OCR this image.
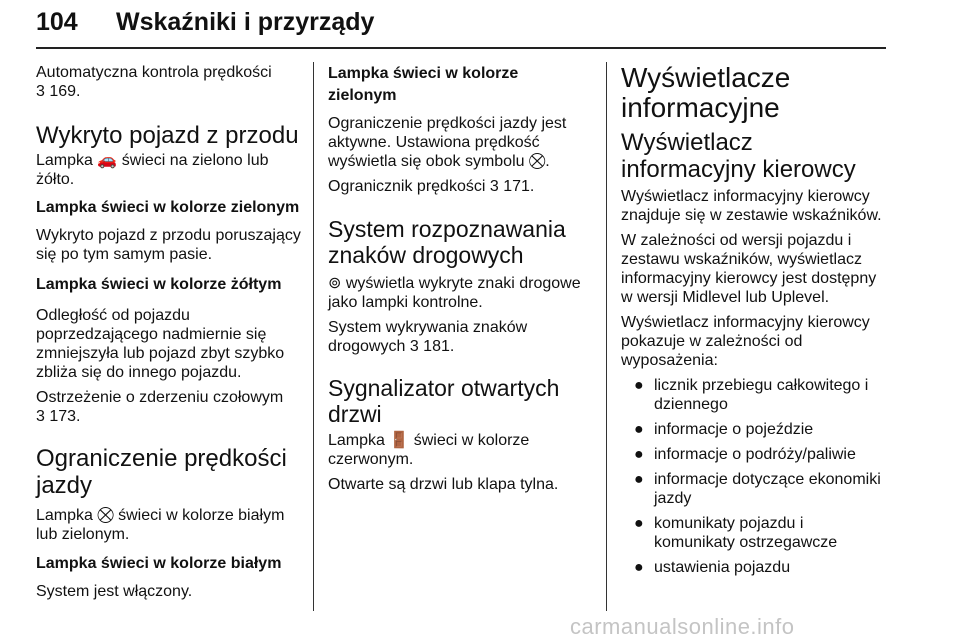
104 Wskaźniki i przyrządy

Automatyczna kontrola prędkości

3 169.

Wykryto pojazd z przodu

Lampka 🚗 świeci na zielono lub żółto.

Lampka świeci w kolorze zielonym

Wykryto pojazd z przodu poruszający się po tym samym pasie.

Lampka świeci w kolorze żółtym

Odległość od pojazdu poprzedzającego nadmiernie się zmniejszyła lub pojazd zbyt szybko zbliża się do innego pojazdu.

Ostrzeżenie o zderzeniu czołowym

3 173.

Ograniczenie prędkości jazdy

Lampka ⛒ świeci w kolorze białym lub zielonym.

Lampka świeci w kolorze białym

System jest włączony.

Lampka świeci w kolorze zielonym

Ograniczenie prędkości jazdy jest aktywne. Ustawiona prędkość wyświetla się obok symbolu ⛒.

Ogranicznik prędkości 3 171.

System rozpoznawania znaków drogowych

⊚ wyświetla wykryte znaki drogowe jako lampki kontrolne.

System wykrywania znaków drogowych 3 181.

Sygnalizator otwartych drzwi

Lampka 🚪 świeci w kolorze czerwonym.

Otwarte są drzwi lub klapa tylna.

Wyświetlacze informacyjne
Wyświetlacz informacyjny kierowcy

Wyświetlacz informacyjny kierowcy znajduje się w zestawie wskaźników.

W zależności od wersji pojazdu i zestawu wskaźników, wyświetlacz informacyjny kierowcy jest dostępny w wersji Midlevel lub Uplevel.

Wyświetlacz informacyjny kierowcy pokazuje w zależności od wyposażenia:

● licznik przebiegu całkowitego i dziennego
● informacje o pojeździe
● informacje o podróży/paliwie
● informacje dotyczące ekonomiki jazdy
● komunikaty pojazdu i komunikaty ostrzegawcze
● ustawienia pojazdu
carmanualsonline.info
